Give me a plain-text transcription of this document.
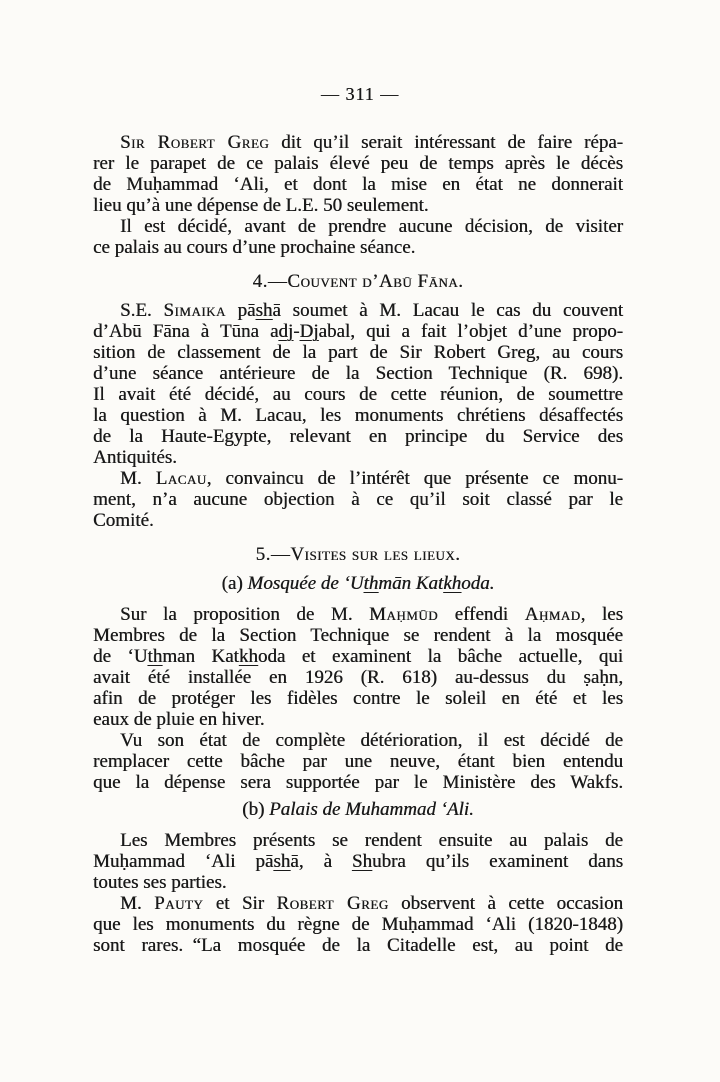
— 311 —
Sir Robert Greg dit qu’il serait intéressant de faire répa-
rer le parapet de ce palais élevé peu de temps après le décès
de Muḥammad ‘Ali, et dont la mise en état ne donnerait
lieu qu’à une dépense de L.E. 50 seulement.
Il est décidé, avant de prendre aucune décision, de visiter
ce palais au cours d’une prochaine séance.
4.—Couvent d’Abū Fāna.
S.E. Simaika pāshā soumet à M. Lacau le cas du couvent
d’Abū Fāna à Tūna adj-Djabal, qui a fait l’objet d’une propo-
sition de classement de la part de Sir Robert Greg, au cours
d’une séance antérieure de la Section Technique (R. 698).
Il avait été décidé, au cours de cette réunion, de soumettre
la question à M. Lacau, les monuments chrétiens désaffectés
de la Haute-Egypte, relevant en principe du Service des
Antiquités.
M. Lacau, convaincu de l’intérêt que présente ce monu-
ment, n’a aucune objection à ce qu’il soit classé par le
Comité.
5.—Visites sur les lieux.
(a) Mosquée de ‘Uthmān Katkhoda.
Sur la proposition de M. Maḥmūd effendi Aḥmad, les
Membres de la Section Technique se rendent à la mosquée
de ‘Uthman Katkhoda et examinent la bâche actuelle, qui
avait été installée en 1926 (R. 618) au-dessus du ṣaḥn,
afin de protéger les fidèles contre le soleil en été et les
eaux de pluie en hiver.
Vu son état de complète détérioration, il est décidé de
remplacer cette bâche par une neuve, étant bien entendu
que la dépense sera supportée par le Ministère des Wakfs.
(b) Palais de Muhammad ‘Ali.
Les Membres présents se rendent ensuite au palais de
Muḥammad ‘Ali pāshā, à Shubra qu’ils examinent dans
toutes ses parties.
M. Pauty et Sir Robert Greg observent à cette occasion
que les monuments du règne de Muḥammad ‘Ali (1820-1848)
sont rares. “La mosquée de la Citadelle est, au point de
